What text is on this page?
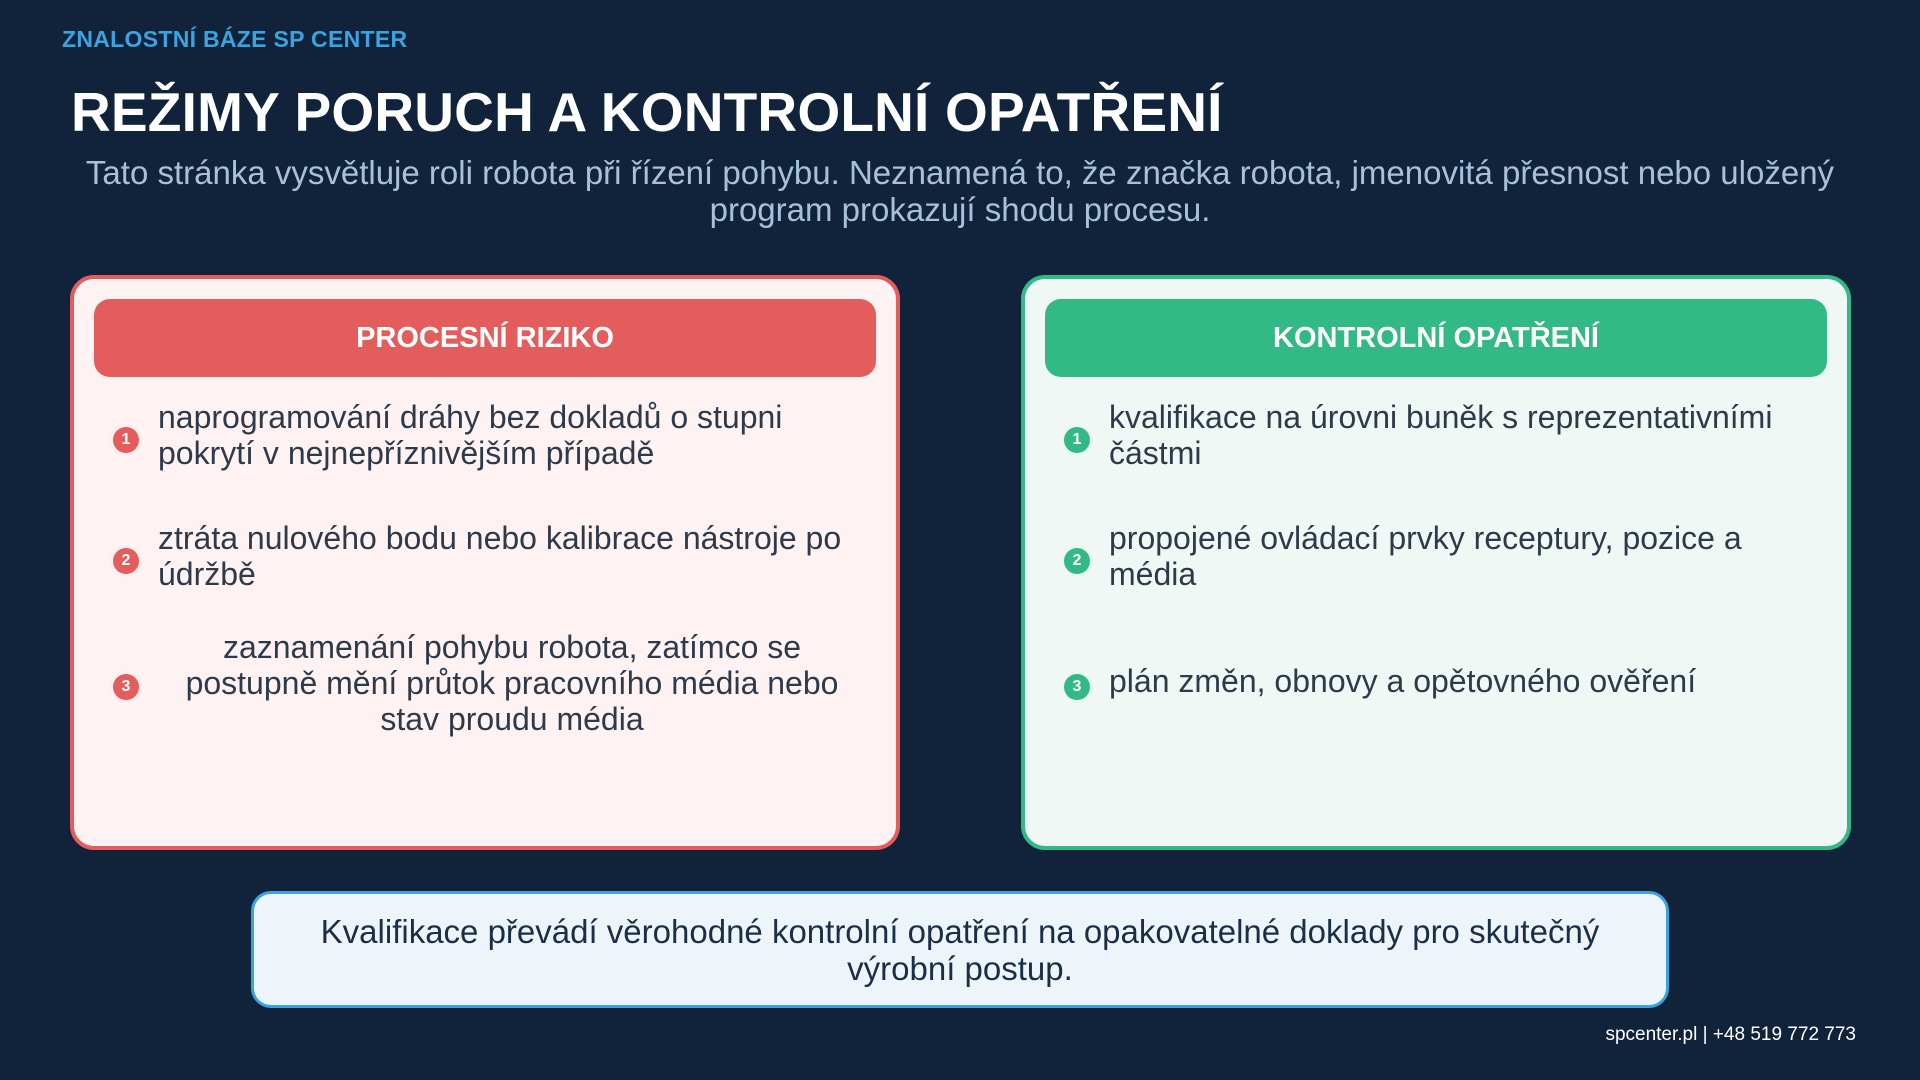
ZNALOSTNÍ BÁZE SP CENTER
REŽIMY PORUCH A KONTROLNÍ OPATŘENÍ
Tato stránka vysvětluje roli robota při řízení pohybu. Neznamená to, že značka robota, jmenovitá přesnost nebo uložený program prokazují shodu procesu.
PROCESNÍ RIZIKO
1
naprogramování dráhy bez dokladů o stupni pokrytí v nejnepříznivějším případě
2
ztráta nulového bodu nebo kalibrace nástroje po údržbě
3
zaznamenání pohybu robota, zatímco se postupně mění průtok pracovního média nebo stav proudu média
KONTROLNÍ OPATŘENÍ
1
kvalifikace na úrovni buněk s reprezentativními částmi
2
propojené ovládací prvky receptury, pozice a média
3 plán změn, obnovy a opětovného ověření
Kvalifikace převádí věrohodné kontrolní opatření na opakovatelné doklady pro skutečný výrobní postup.
spcenter.pl | +48 519 772 773
